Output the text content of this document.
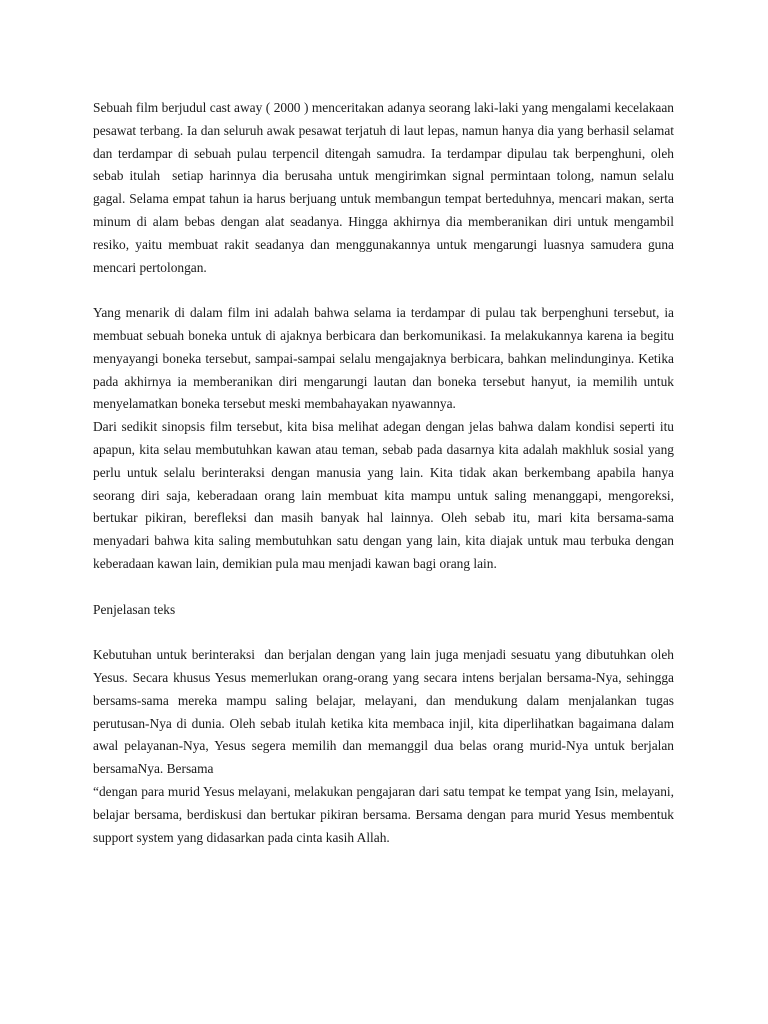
Sebuah film berjudul cast away ( 2000 ) menceritakan adanya seorang laki-laki yang mengalami kecelakaan pesawat terbang. Ia dan seluruh awak pesawat terjatuh di laut lepas, namun hanya dia yang berhasil selamat dan terdampar di sebuah pulau terpencil ditengah samudra. Ia terdampar dipulau tak berpenghuni, oleh sebab itulah  setiap harinnya dia berusaha untuk mengirimkan signal permintaan tolong, namun selalu gagal. Selama empat tahun ia harus berjuang untuk membangun tempat berteduhnya, mencari makan, serta minum di alam bebas dengan alat seadanya. Hingga akhirnya dia memberanikan diri untuk mengambil resiko, yaitu membuat rakit seadanya dan menggunakannya untuk mengarungi luasnya samudera guna mencari pertolongan.

Yang menarik di dalam film ini adalah bahwa selama ia terdampar di pulau tak berpenghuni tersebut, ia membuat sebuah boneka untuk di ajaknya berbicara dan berkomunikasi. Ia melakukannya karena ia begitu menyayangi boneka tersebut, sampai-sampai selalu mengajaknya berbicara, bahkan melindunginya. Ketika pada akhirnya ia memberanikan diri mengarungi lautan dan boneka tersebut hanyut, ia memilih untuk menyelamatkan boneka tersebut meski membahayakan nyawannya.

Dari sedikit sinopsis film tersebut, kita bisa melihat adegan dengan jelas bahwa dalam kondisi seperti itu apapun, kita selau membutuhkan kawan atau teman, sebab pada dasarnya kita adalah makhluk sosial yang perlu untuk selalu berinteraksi dengan manusia yang lain. Kita tidak akan berkembang apabila hanya seorang diri saja, keberadaan orang lain membuat kita mampu untuk saling menanggapi, mengoreksi, bertukar pikiran, berefleksi dan masih banyak hal lainnya. Oleh sebab itu, mari kita bersama-sama menyadari bahwa kita saling membutuhkan satu dengan yang lain, kita diajak untuk mau terbuka dengan keberadaan kawan lain, demikian pula mau menjadi kawan bagi orang lain.

Penjelasan teks

Kebutuhan untuk berinteraksi  dan berjalan dengan yang lain juga menjadi sesuatu yang dibutuhkan oleh Yesus. Secara khusus Yesus memerlukan orang-orang yang secara intens berjalan bersama-Nya, sehingga bersams-sama mereka mampu saling belajar, melayani, dan mendukung dalam menjalankan tugas perutusan-Nya di dunia. Oleh sebab itulah ketika kita membaca injil, kita diperlihatkan bagaimana dalam awal pelayanan-Nya, Yesus segera memilih dan memanggil dua belas orang murid-Nya untuk berjalan bersamaNya. Bersama

“dengan para murid Yesus melayani, melakukan pengajaran dari satu tempat ke tempat yang Isin, melayani, belajar bersama, berdiskusi dan bertukar pikiran bersama. Bersama dengan para murid Yesus membentuk support system yang didasarkan pada cinta kasih Allah.
